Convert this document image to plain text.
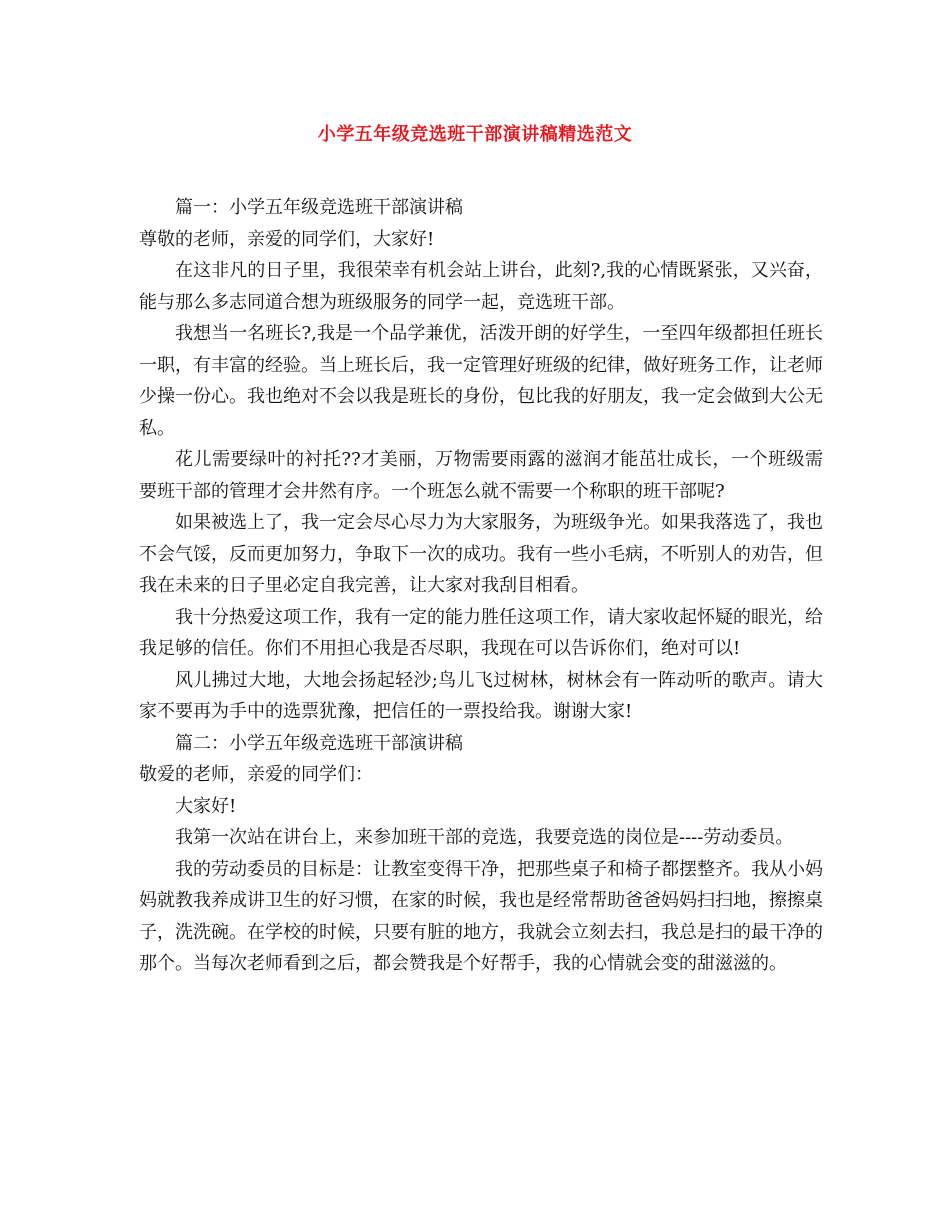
小学五年级竞选班干部演讲稿精选范文

篇一：小学五年级竞选班干部演讲稿

尊敬的老师，亲爱的同学们，大家好!

在这非凡的日子里，我很荣幸有机会站上讲台，此刻?,我的心情既紧张，又兴奋，能与那么多志同道合想为班级服务的同学一起，竞选班干部。

我想当一名班长?,我是一个品学兼优，活泼开朗的好学生，一至四年级都担任班长一职，有丰富的经验。当上班长后，我一定管理好班级的纪律，做好班务工作，让老师少操一份心。我也绝对不会以我是班长的身份，包比我的好朋友，我一定会做到大公无私。

花儿需要绿叶的衬托??才美丽，万物需要雨露的滋润才能茁壮成长，一个班级需要班干部的管理才会井然有序。一个班怎么就不需要一个称职的班干部呢?

如果被选上了，我一定会尽心尽力为大家服务，为班级争光。如果我落选了，我也不会气馁，反而更加努力，争取下一次的成功。我有一些小毛病，不听别人的劝告，但我在未来的日子里必定自我完善，让大家对我刮目相看。

我十分热爱这项工作，我有一定的能力胜任这项工作，请大家收起怀疑的眼光，给我足够的信任。你们不用担心我是否尽职，我现在可以告诉你们，绝对可以!

风儿拂过大地，大地会扬起轻沙;鸟儿飞过树林，树林会有一阵动听的歌声。请大家不要再为手中的选票犹豫，把信任的一票投给我。谢谢大家!

篇二：小学五年级竞选班干部演讲稿

敬爱的老师，亲爱的同学们：

大家好!

我第一次站在讲台上，来参加班干部的竞选，我要竞选的岗位是----劳动委员。

我的劳动委员的目标是：让教室变得干净，把那些桌子和椅子都摆整齐。我从小妈妈就教我养成讲卫生的好习惯，在家的时候，我也是经常帮助爸爸妈妈扫扫地，擦擦桌子，洗洗碗。在学校的时候，只要有脏的地方，我就会立刻去扫，我总是扫的最干净的那个。当每次老师看到之后，都会赞我是个好帮手，我的心情就会变的甜滋滋的。
